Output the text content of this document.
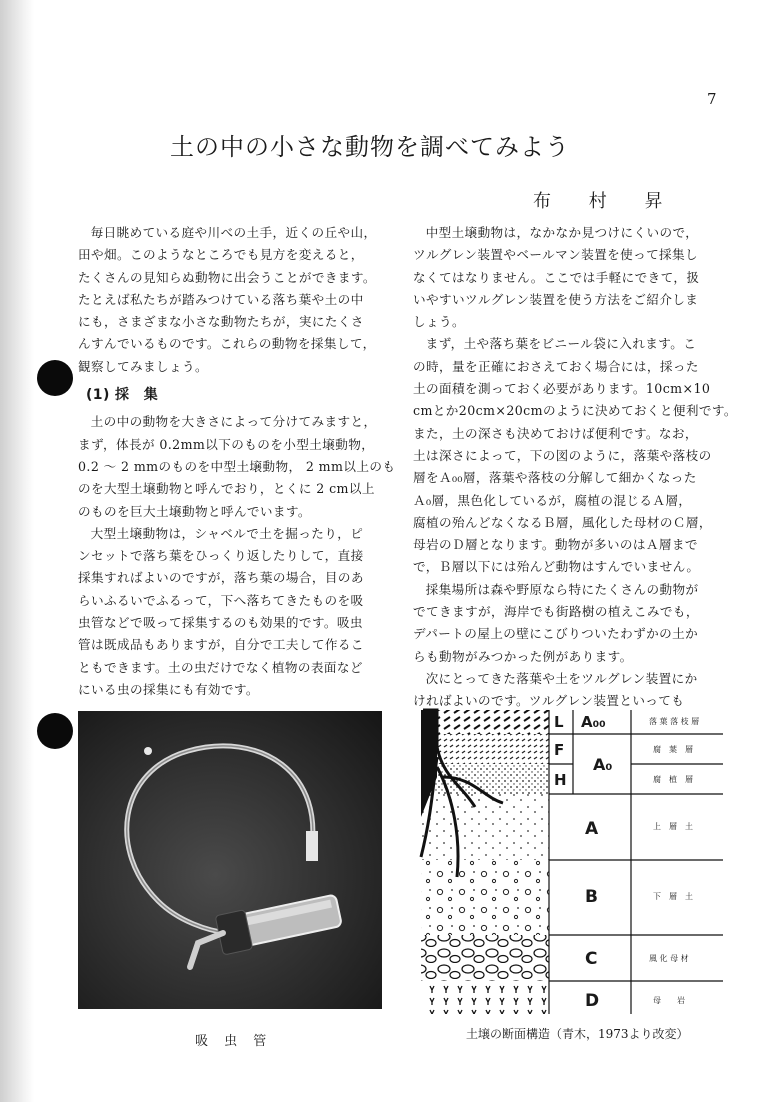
7
土の中の小さな動物を調べてみよう
布 村 昇

毎日眺めている庭や川べの土手，近くの丘や山，

田や畑。このようなところでも見方を変えると，

たくさんの見知らぬ動物に出会うことができます。

たとえば私たちが踏みつけている落ち葉や土の中

にも，さまざまな小さな動物たちが，実にたくさ

んすんでいるものです。これらの動物を採集して，

観察してみましょう。

(1) 採　集

土の中の動物を大きさによって分けてみますと，

まず，体長が 0.2mm以下のものを小型土壌動物，

0.2 ～ 2 mmのものを中型土壌動物， 2 mm以上のも

のを大型土壌動物と呼んでおり，とくに 2 cm以上

のものを巨大土壌動物と呼んでいます。

大型土壌動物は，シャベルで土を掘ったり，ピ

ンセットで落ち葉をひっくり返したりして，直接

採集すればよいのですが，落ち葉の場合，目のあ

らいふるいでふるって，下へ落ちてきたものを吸

虫管などで吸って採集するのも効果的です。吸虫

管は既成品もありますが，自分で工夫して作るこ

ともできます。土の虫だけでなく植物の表面など

にいる虫の採集にも有効です。

中型土壌動物は，なかなか見つけにくいので，

ツルグレン装置やベールマン装置を使って採集し

なくてはなりません。ここでは手軽にできて，扱

いやすいツルグレン装置を使う方法をご紹介しま

しょう。

まず，土や落ち葉をビニール袋に入れます。こ

の時，量を正確におさえておく場合には，採った

土の面積を測っておく必要があります。10cm×10

cmとか20cm×20cmのように決めておくと便利です。

また，土の深さも決めておけば便利です。なお，

土は深さによって，下の図のように，落葉や落枝の

層をＡ₀₀層，落葉や落枝の分解して細かくなった

Ａ₀層，黒色化しているが，腐植の混じるＡ層，

腐植の殆んどなくなるＢ層，風化した母材のＣ層，

母岩のＤ層となります。動物が多いのはＡ層まで

で，Ｂ層以下には殆んど動物はすんでいません。

採集場所は森や野原なら特にたくさんの動物が

でてきますが，海岸でも街路樹の植えこみでも，

デパートの屋上の壁にこびりついたわずかの土か

らも動物がみつかった例があります。

次にとってきた落葉や土をツルグレン装置にか

ければよいのです。ツルグレン装置といっても

吸 虫 管
L
F
H
A₀₀
A₀
A
B
C
D
落 葉 落 枝 層
腐　葉　層
腐　植　層
上　層　土
下　層　土
風 化 母 材
母　　岩
土壌の断面構造（青木，1973より改変）
